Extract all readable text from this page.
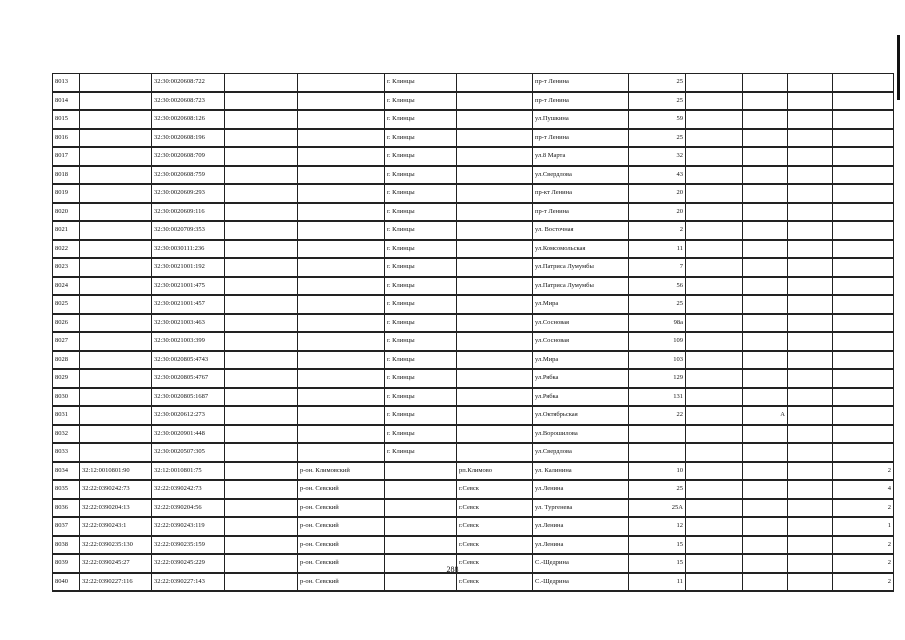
8013		32:30:0020608:722			г. Клинцы		пр-т Ленина	25				
8014		32:30:0020608:723			г. Клинцы		пр-т Ленина	25				
8015		32:30:0020608:126			г. Клинцы		ул.Пушкина	59				
8016		32:30:0020608:196			г. Клинцы		пр-т Ленина	25				
8017		32:30:0020608:709			г. Клинцы		ул.8 Марта	32				
8018		32:30:0020608:759			г. Клинцы		ул.Свердлова	43				
8019		32:30:0020609:293			г. Клинцы		пр-кт Ленина	20				
8020		32:30:0020609:116			г. Клинцы		пр-т Ленина	20				
8021		32:30:0020709:353			г. Клинцы		ул. Восточная	2				
8022		32:30:0030111:236			г. Клинцы		ул.Комсомольская	11				
8023		32:30:0021001:192			г. Клинцы		ул.Патриса Лумумбы	7				
8024		32:30:0021001:475			г. Клинцы		ул.Патриса Лумумбы	56				
8025		32:30:0021001:457			г. Клинцы		ул.Мира	25				
8026		32:30:0021003:463			г. Клинцы		ул.Сосновая	98а				
8027		32:30:0021003:399			г. Клинцы		ул.Сосновая	109				
8028		32:30:0020805:4743			г. Клинцы		ул.Мира	103				
8029		32:30:0020805:4767			г. Клинцы		ул.Рябка	129				
8030		32:30:0020805:1687			г. Клинцы		ул.Рябка	131				
8031		32:30:0020612:273			г. Клинцы		ул.Октябрьская	22		А		
8032		32:30:0020901:448			г. Клинцы		ул.Ворошилова					
8033		32:30:0020507:305			г. Клинцы		ул.Свердлова					
8034	32:12:0010801:90	32:12:0010801:75		р-он. Климовский		рп.Климово	ул. Калинина	10				2
8035	32:22:0390242:73	32:22:0390242:73		р-он. Севский		г.Севск	ул.Ленина	25				4
8036	32:22:0390204:13	32:22:0390204:56		р-он. Севский		г.Севск	ул. Тургенева	25А				2
8037	32:22:0390243:1	32:22:0390243:119		р-он. Севский		г.Севск	ул.Ленина	12				1
8038	32:22:0390235:130	32:22:0390235:159		р-он. Севский		г.Севск	ул.Ленина	15				2
8039	32:22:0390245:27	32:22:0390245:229		р-он. Севский		г.Севск	С.-Щедрина	15				2
8040	32:22:0390227:116	32:22:0390227:143		р-он. Севский		г.Севск	С.-Щедрина	11				2
288
